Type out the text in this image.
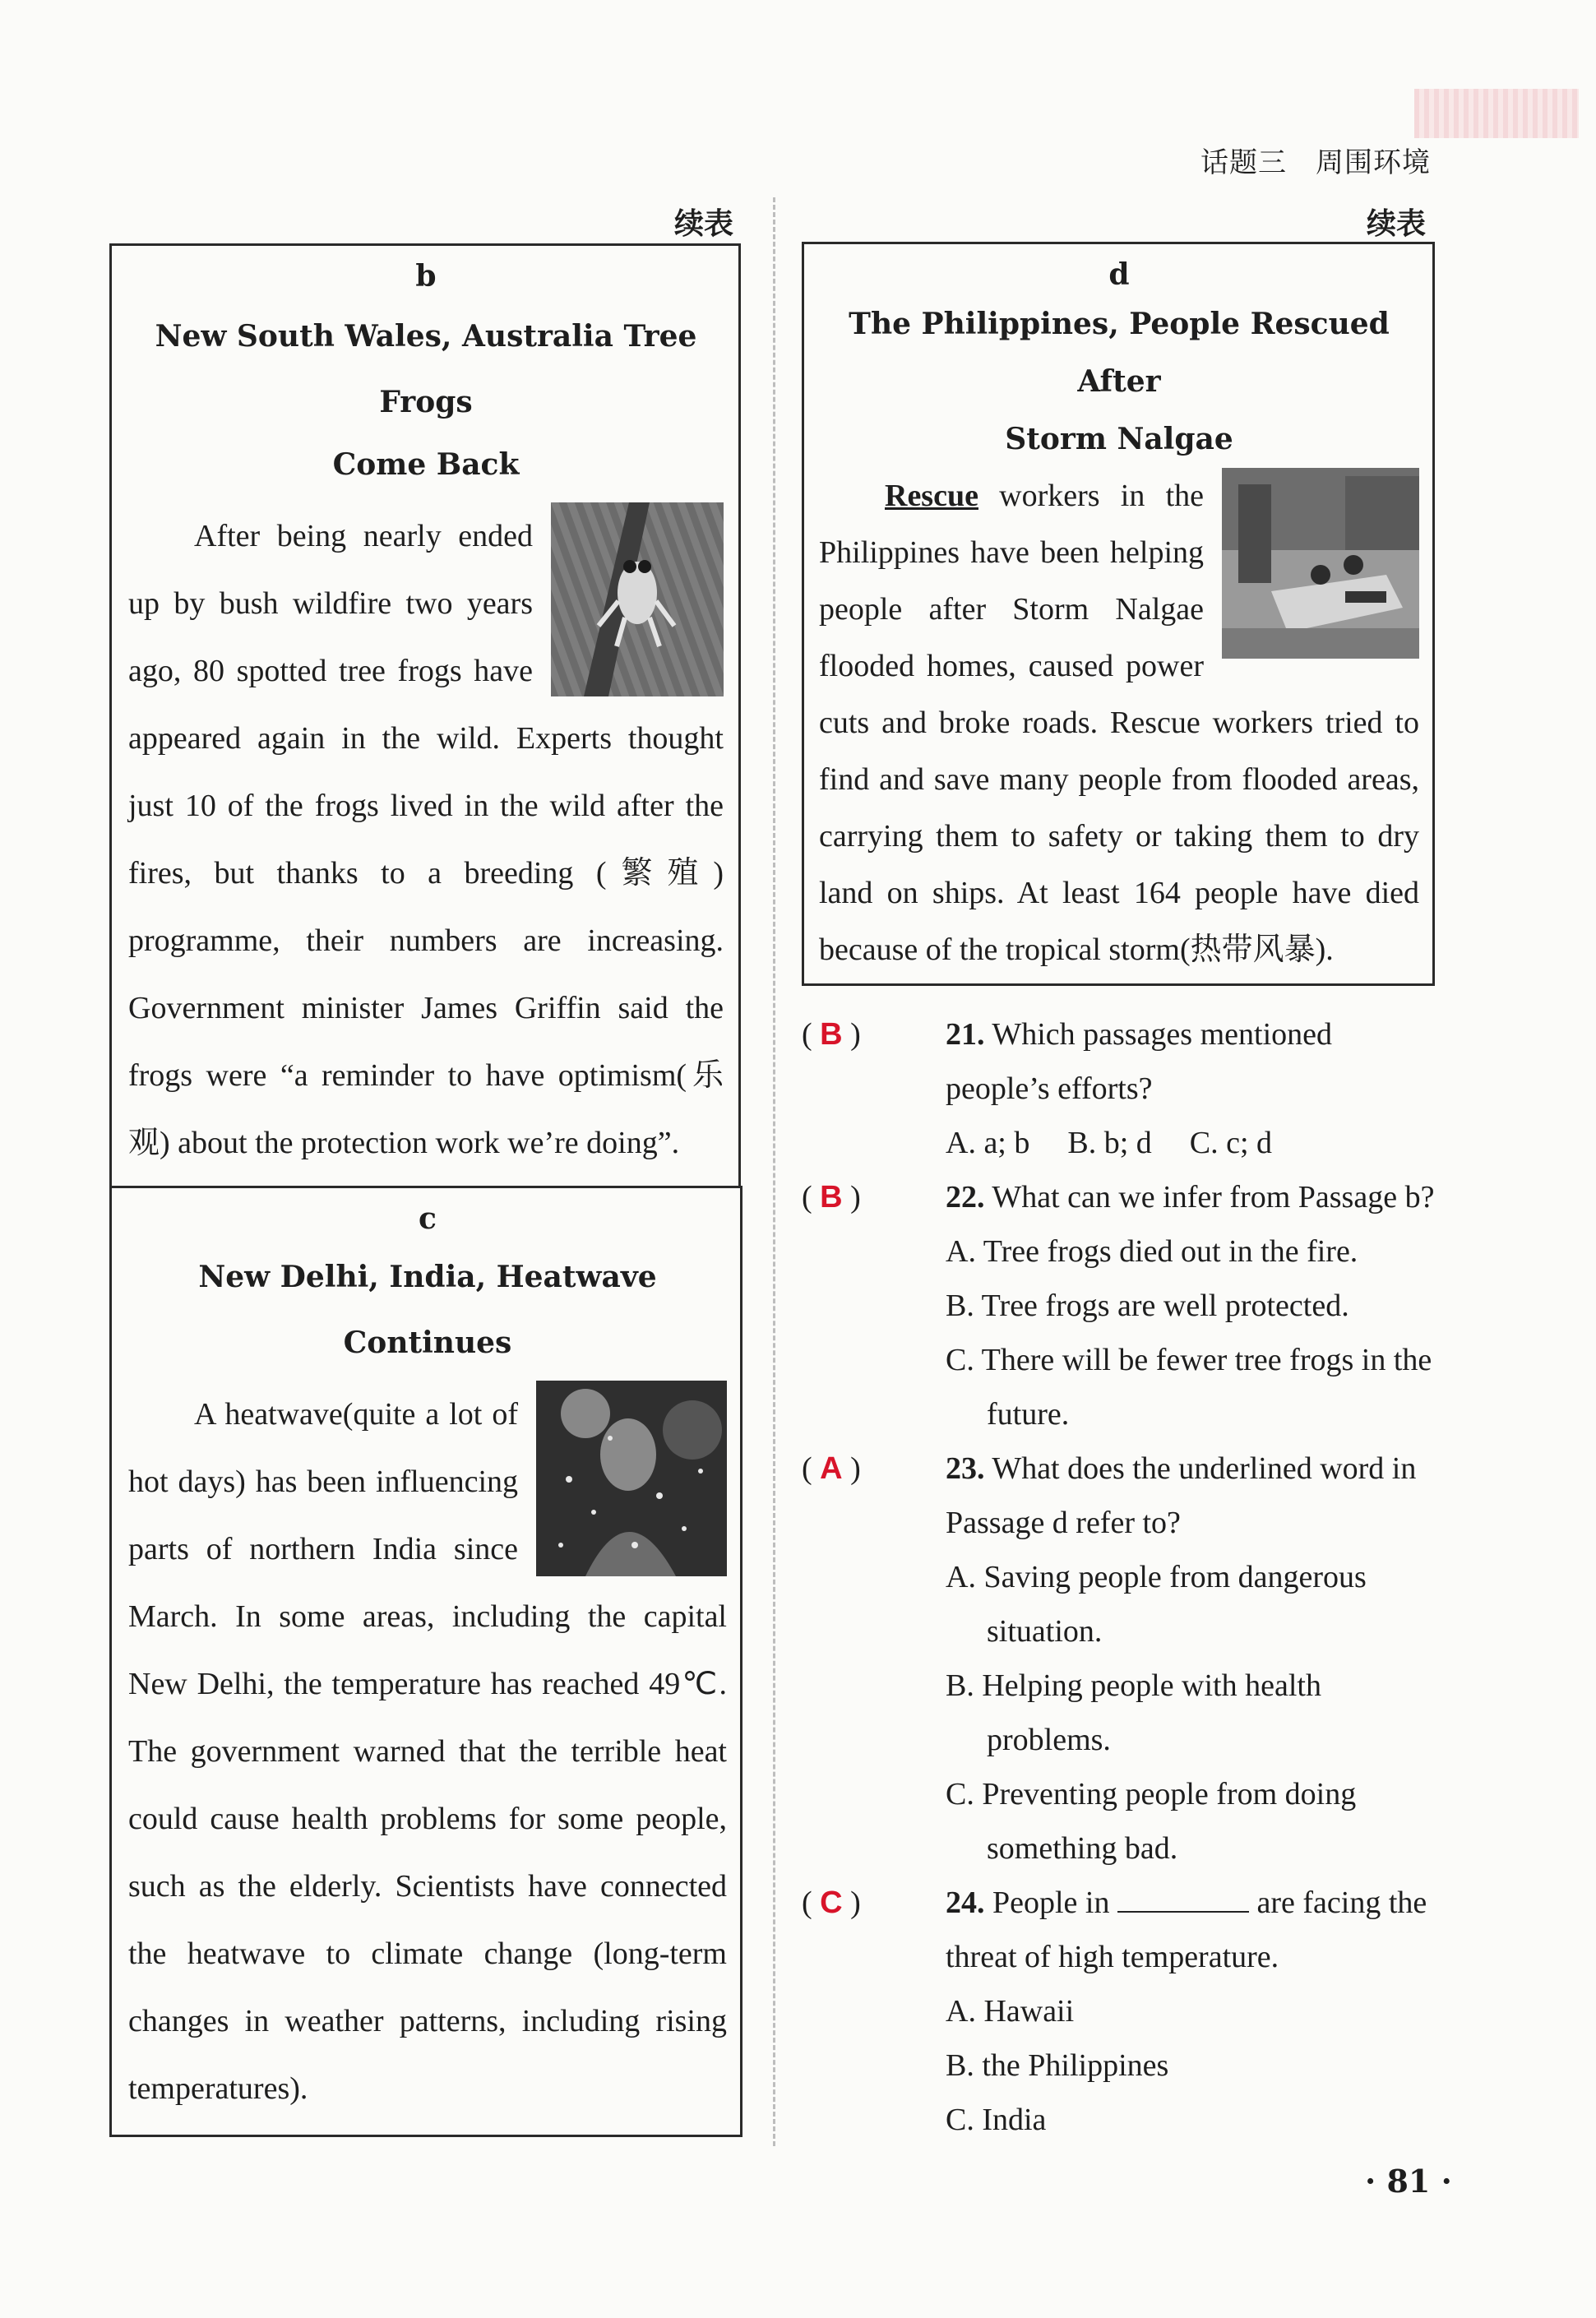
话题三　周围环境
续表	续表
b
New South Wales, Australia Tree Frogs
Come Back

After being nearly ended up by bush wildfire two years ago, 80 spotted tree frogs have appeared again in the wild. Experts thought just 10 of the frogs lived in the wild after the fires, but thanks to a breeding (繁殖) programme, their numbers are increasing. Government minister James Griffin said the frogs were “a reminder to have optimism(乐观) about the protection work we’re doing”.

c
New Delhi, India, Heatwave Continues

A heatwave(quite a lot of hot days) has been influencing parts of northern India since March. In some areas, including the capital New Delhi, the temperature has reached 49℃. The government warned that the terrible heat could cause health problems for some people, such as the elderly. Scientists have connected the heatwave to climate change (long-term changes in weather patterns, including rising temperatures).

d
The Philippines, People Rescued After
Storm Nalgae

Rescue workers in the Philippines have been helping people after Storm Nalgae flooded homes, caused power cuts and broke roads. Rescue workers tried to find and save many people from flooded areas, carrying them to safety or taking them to dry land on ships. At least 164 people have died because of the tropical storm(热带风暴).

( B )	21. Which passages mentioned people’s efforts?
A. a; b B. b; d C. c; d
( B )	22. What can we infer from Passage b?
A. Tree frogs died out in the fire.
B. Tree frogs are well protected.
C. There will be fewer tree frogs in the future.
( A )	23. What does the underlined word in Passage d refer to?
A. Saving people from dangerous situation.
B. Helping people with health problems.
C. Preventing people from doing something bad.
( C )	24. People in	are facing the threat of high temperature.
A. Hawaii
B. the Philippines
C. India
· 81 ·
